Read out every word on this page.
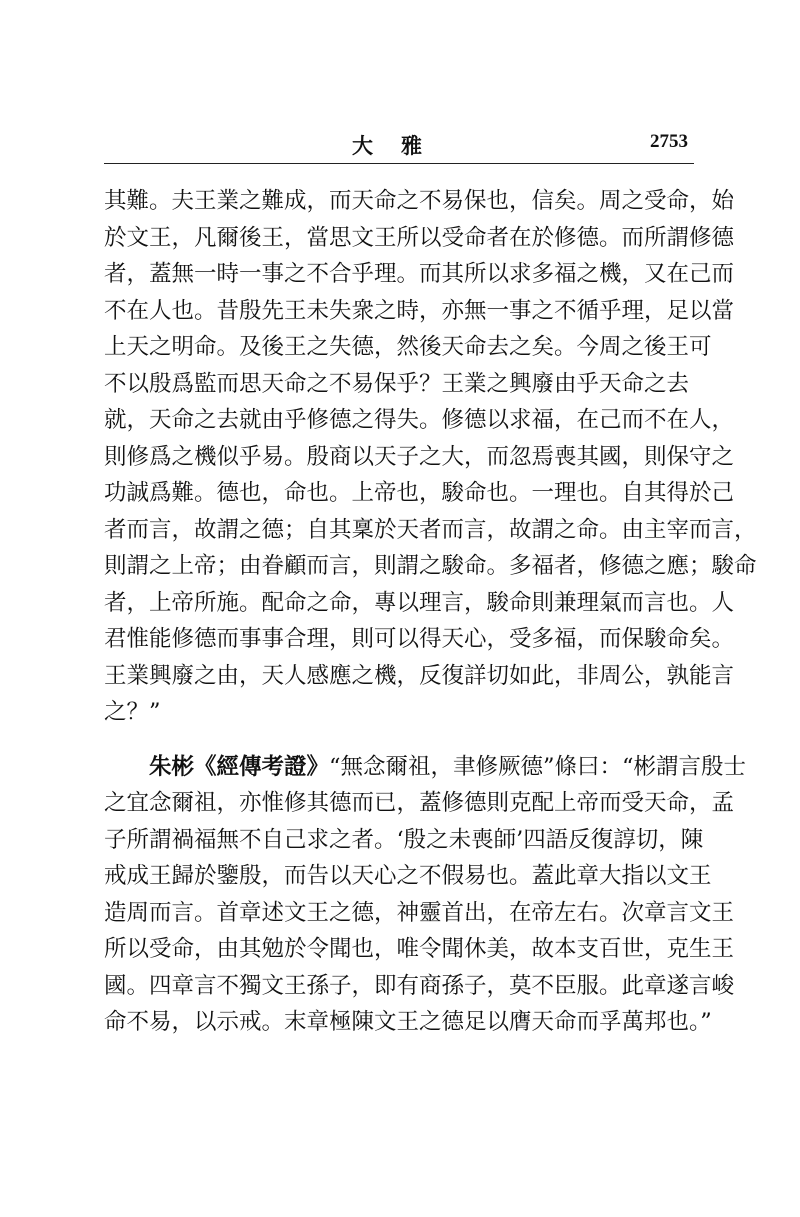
大雅	2753
其難。夫王業之難成，而天命之不易保也，信矣。周之受命，始
於文王，凡爾後王，當思文王所以受命者在於修德。而所謂修德
者，蓋無一時一事之不合乎理。而其所以求多福之機，又在己而
不在人也。昔殷先王未失衆之時，亦無一事之不循乎理，足以當
上天之明命。及後王之失德，然後天命去之矣。今周之後王可
不以殷爲監而思天命之不易保乎？王業之興廢由乎天命之去
就，天命之去就由乎修德之得失。修德以求福，在己而不在人，
則修爲之機似乎易。殷商以天子之大，而忽焉喪其國，則保守之
功誠爲難。德也，命也。上帝也，駿命也。一理也。自其得於己
者而言，故謂之德；自其稟於天者而言，故謂之命。由主宰而言，
則謂之上帝；由眷顧而言，則謂之駿命。多福者，修德之應；駿命
者，上帝所施。配命之命，專以理言，駿命則兼理氣而言也。人
君惟能修德而事事合理，則可以得天心，受多福，而保駿命矣。
王業興廢之由，天人感應之機，反復詳切如此，非周公，孰能言
之？”
朱彬《經傳考證》“無念爾祖，聿修厥德”條曰：“彬謂言殷士
之宜念爾祖，亦惟修其德而已，蓋修德則克配上帝而受天命，孟
子所謂禍福無不自己求之者。‘殷之未喪師’四語反復諄切，陳
戒成王歸於鑒殷，而告以天心之不假易也。蓋此章大指以文王
造周而言。首章述文王之德，神靈首出，在帝左右。次章言文王
所以受命，由其勉於令聞也，唯令聞休美，故本支百世，克生王
國。四章言不獨文王孫子，即有商孫子，莫不臣服。此章遂言峻
命不易，以示戒。末章極陳文王之德足以膺天命而孚萬邦也。”
